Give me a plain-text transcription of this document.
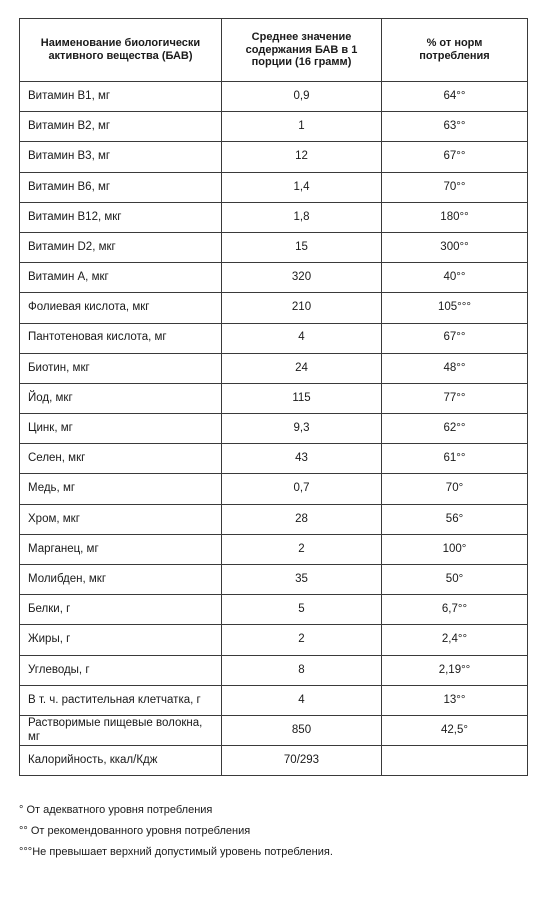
Наименование биологически активного вещества (БАВ)	Среднее значение содержания БАВ в 1 порции (16 грамм)	% от норм потребления
Витамин В1, мг	0,9	64°°
Витамин В2, мг	1	63°°
Витамин В3, мг	12	67°°
Витамин В6, мг	1,4	70°°
Витамин В12, мкг	1,8	180°°
Витамин D2, мкг	15	300°°
Витамин А, мкг	320	40°°
Фолиевая кислота, мкг	210	105°°°
Пантотеновая кислота, мг	4	67°°
Биотин, мкг	24	48°°
Йод, мкг	115	77°°
Цинк, мг	9,3	62°°
Селен, мкг	43	61°°
Медь, мг	0,7	70°
Хром, мкг	28	56°
Марганец, мг	2	100°
Молибден, мкг	35	50°
Белки, г	5	6,7°°
Жиры, г	2	2,4°°
Углеводы, г	8	2,19°°
В т. ч. растительная клетчатка, г	4	13°°
Растворимые пищевые волокна, мг	850	42,5°
Калорийность, ккал/Кдж	70/293	
° От адекватного уровня потребления
°° От рекомендованного уровня потребления
°°°Не превышает верхний допустимый уровень потребления.
